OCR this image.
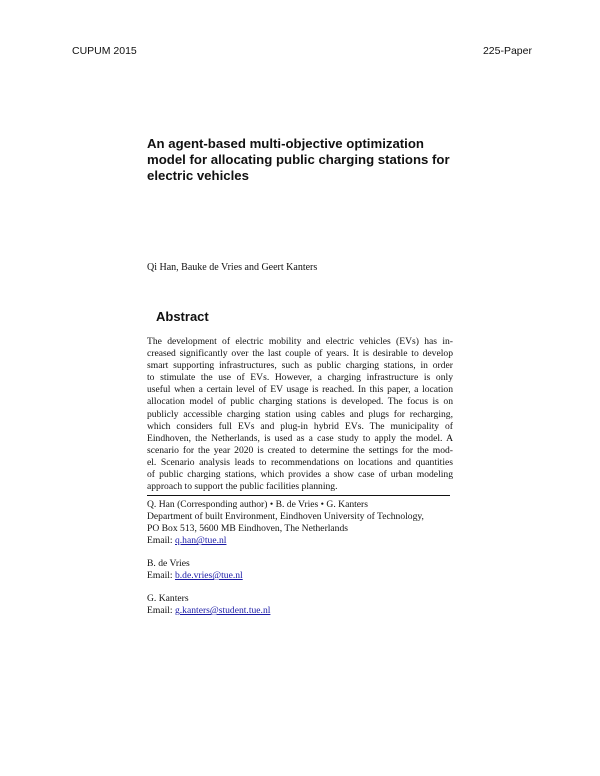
CUPUM 2015	225-Paper
An agent-based multi-objective optimization
model for allocating public charging stations for
electric vehicles
Qi Han, Bauke de Vries and Geert Kanters
Abstract
The development of electric mobility and electric vehicles (EVs) has in-
creased significantly over the last couple of years. It is desirable to develop
smart supporting infrastructures, such as public charging stations, in order
to stimulate the use of EVs. However, a charging infrastructure is only
useful when a certain level of EV usage is reached. In this paper, a location
allocation model of public charging stations is developed. The focus is on
publicly accessible charging station using cables and plugs for recharging,
which considers full EVs and plug-in hybrid EVs. The municipality of
Eindhoven, the Netherlands, is used as a case study to apply the model. A
scenario for the year 2020 is created to determine the settings for the mod-
el. Scenario analysis leads to recommendations on locations and quantities
of public charging stations, which provides a show case of urban modeling
approach to support the public facilities planning.
Q. Han (Corresponding author) • B. de Vries • G. Kanters
Department of built Environment, Eindhoven University of Technology,
PO Box 513, 5600 MB Eindhoven, The Netherlands
Email: q.han@tue.nl
B. de Vries
Email: b.de.vries@tue.nl
G. Kanters
Email: g.kanters@student.tue.nl
